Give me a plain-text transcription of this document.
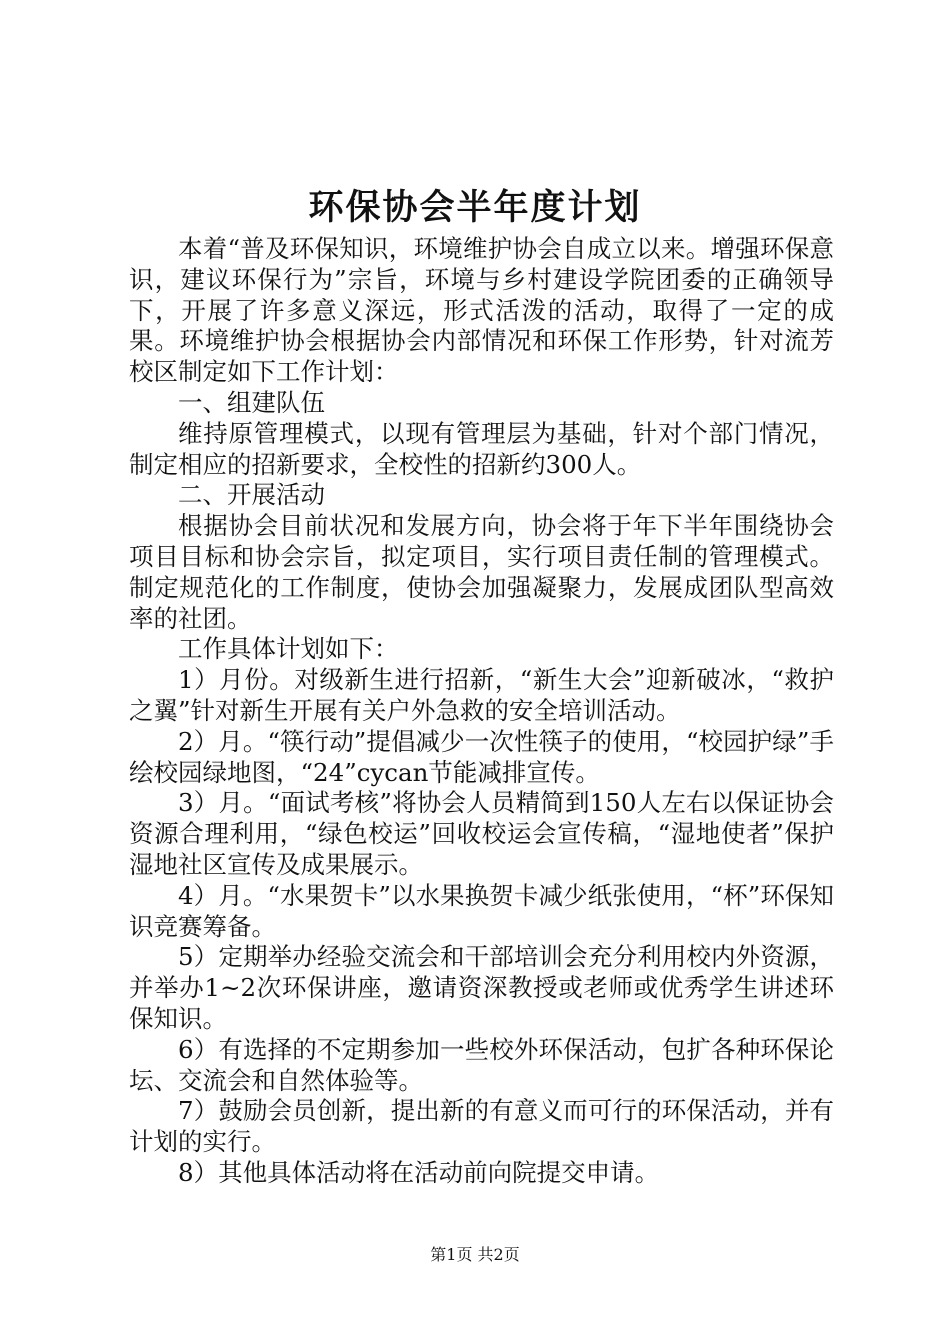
环保协会半年度计划

本着“普及环保知识，环境维护协会自成立以来。增强环保意识，建议环保行为”宗旨，环境与乡村建设学院团委的正确领导下，开展了许多意义深远，形式活泼的活动，取得了一定的成果。环境维护协会根据协会内部情况和环保工作形势，针对流芳校区制定如下工作计划：

一、组建队伍

维持原管理模式，以现有管理层为基础，针对个部门情况，制定相应的招新要求，全校性的招新约300人。

二、开展活动

根据协会目前状况和发展方向，协会将于年下半年围绕协会项目目标和协会宗旨，拟定项目，实行项目责任制的管理模式。制定规范化的工作制度，使协会加强凝聚力，发展成团队型高效率的社团。

工作具体计划如下：

1）月份。对级新生进行招新，“新生大会”迎新破冰，“救护之翼”针对新生开展有关户外急救的安全培训活动。

2）月。“筷行动”提倡减少一次性筷子的使用，“校园护绿”手绘校园绿地图，“24”cycan节能减排宣传。

3）月。“面试考核”将协会人员精简到150人左右以保证协会资源合理利用，“绿色校运”回收校运会宣传稿，“湿地使者”保护湿地社区宣传及成果展示。

4）月。“水果贺卡”以水果换贺卡减少纸张使用，“杯”环保知识竞赛筹备。

5）定期举办经验交流会和干部培训会充分利用校内外资源，并举办1~2次环保讲座，邀请资深教授或老师或优秀学生讲述环保知识。

6）有选择的不定期参加一些校外环保活动，包扩各种环保论坛、交流会和自然体验等。

7）鼓励会员创新，提出新的有意义而可行的环保活动，并有计划的实行。

8）其他具体活动将在活动前向院提交申请。

第1页 共2页
